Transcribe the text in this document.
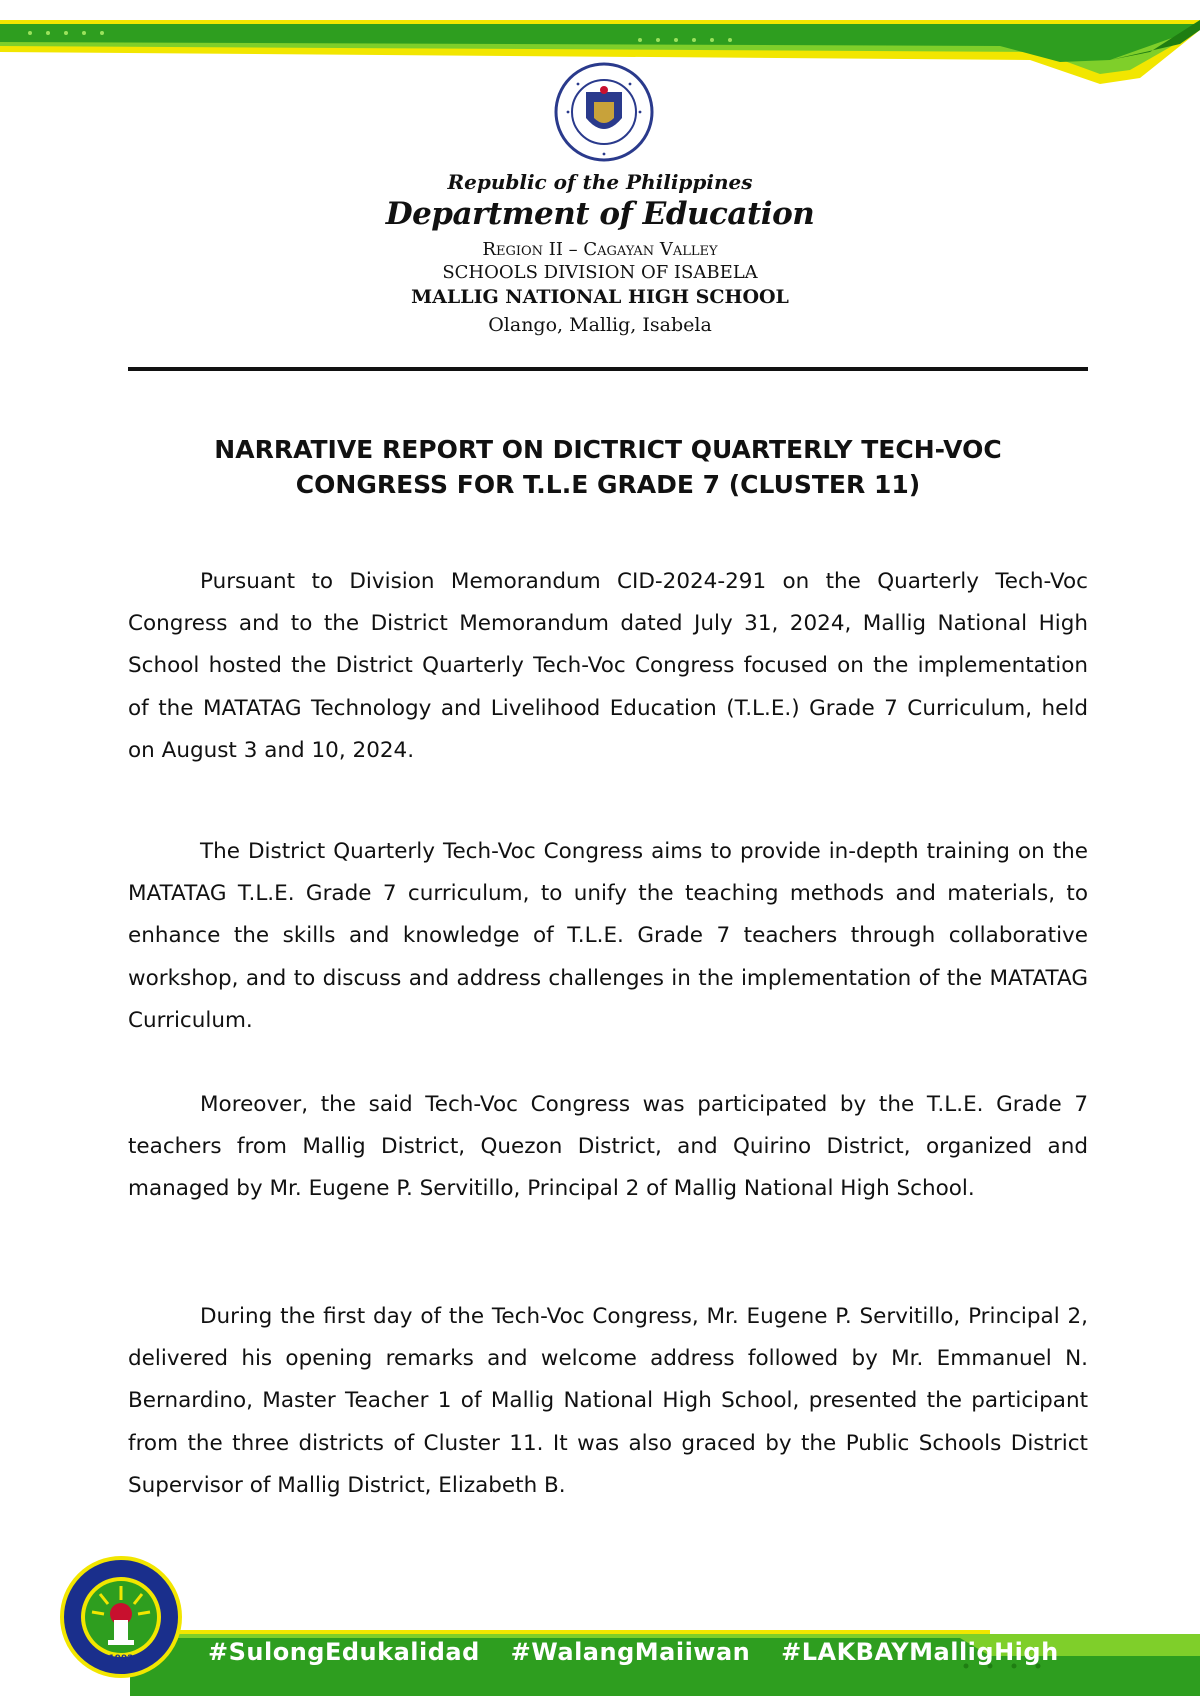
Republic of the Philippines
Department of Education
Region II – Cagayan Valley
SCHOOLS DIVISION OF ISABELA
MALLIG NATIONAL HIGH SCHOOL
Olango, Mallig, Isabela
NARRATIVE REPORT ON DICTRICT QUARTERLY TECH-VOC
CONGRESS FOR T.L.E GRADE 7 (CLUSTER 11)

Pursuant to Division Memorandum CID-2024-291 on the Quarterly Tech-Voc Congress and to the District Memorandum dated July 31, 2024, Mallig National High School hosted the District Quarterly Tech-Voc Congress focused on the implementation of the MATATAG Technology and Livelihood Education (T.L.E.) Grade 7 Curriculum, held on August 3 and 10, 2024.

The District Quarterly Tech-Voc Congress aims to provide in-depth training on the MATATAG T.L.E. Grade 7 curriculum, to unify the teaching methods and materials, to enhance the skills and knowledge of T.L.E. Grade 7 teachers through collaborative workshop, and to discuss and address challenges in the implementation of the MATATAG Curriculum.

Moreover, the said Tech-Voc Congress was participated by the T.L.E. Grade 7 teachers from Mallig District, Quezon District, and Quirino District, organized and managed by Mr. Eugene P. Servitillo, Principal 2 of Mallig National High School.

During the first day of the Tech-Voc Congress, Mr. Eugene P. Servitillo, Principal 2, delivered his opening remarks and welcome address followed by Mr. Emmanuel N. Bernardino, Master Teacher 1 of Mallig National High School, presented the participant from the three districts of Cluster 11. It was also graced by the Public Schools District Supervisor of Mallig District, Elizabeth B.

#SulongEdukalidad #WalangMaiiwan #LAKBAYMalligHigh
1992
